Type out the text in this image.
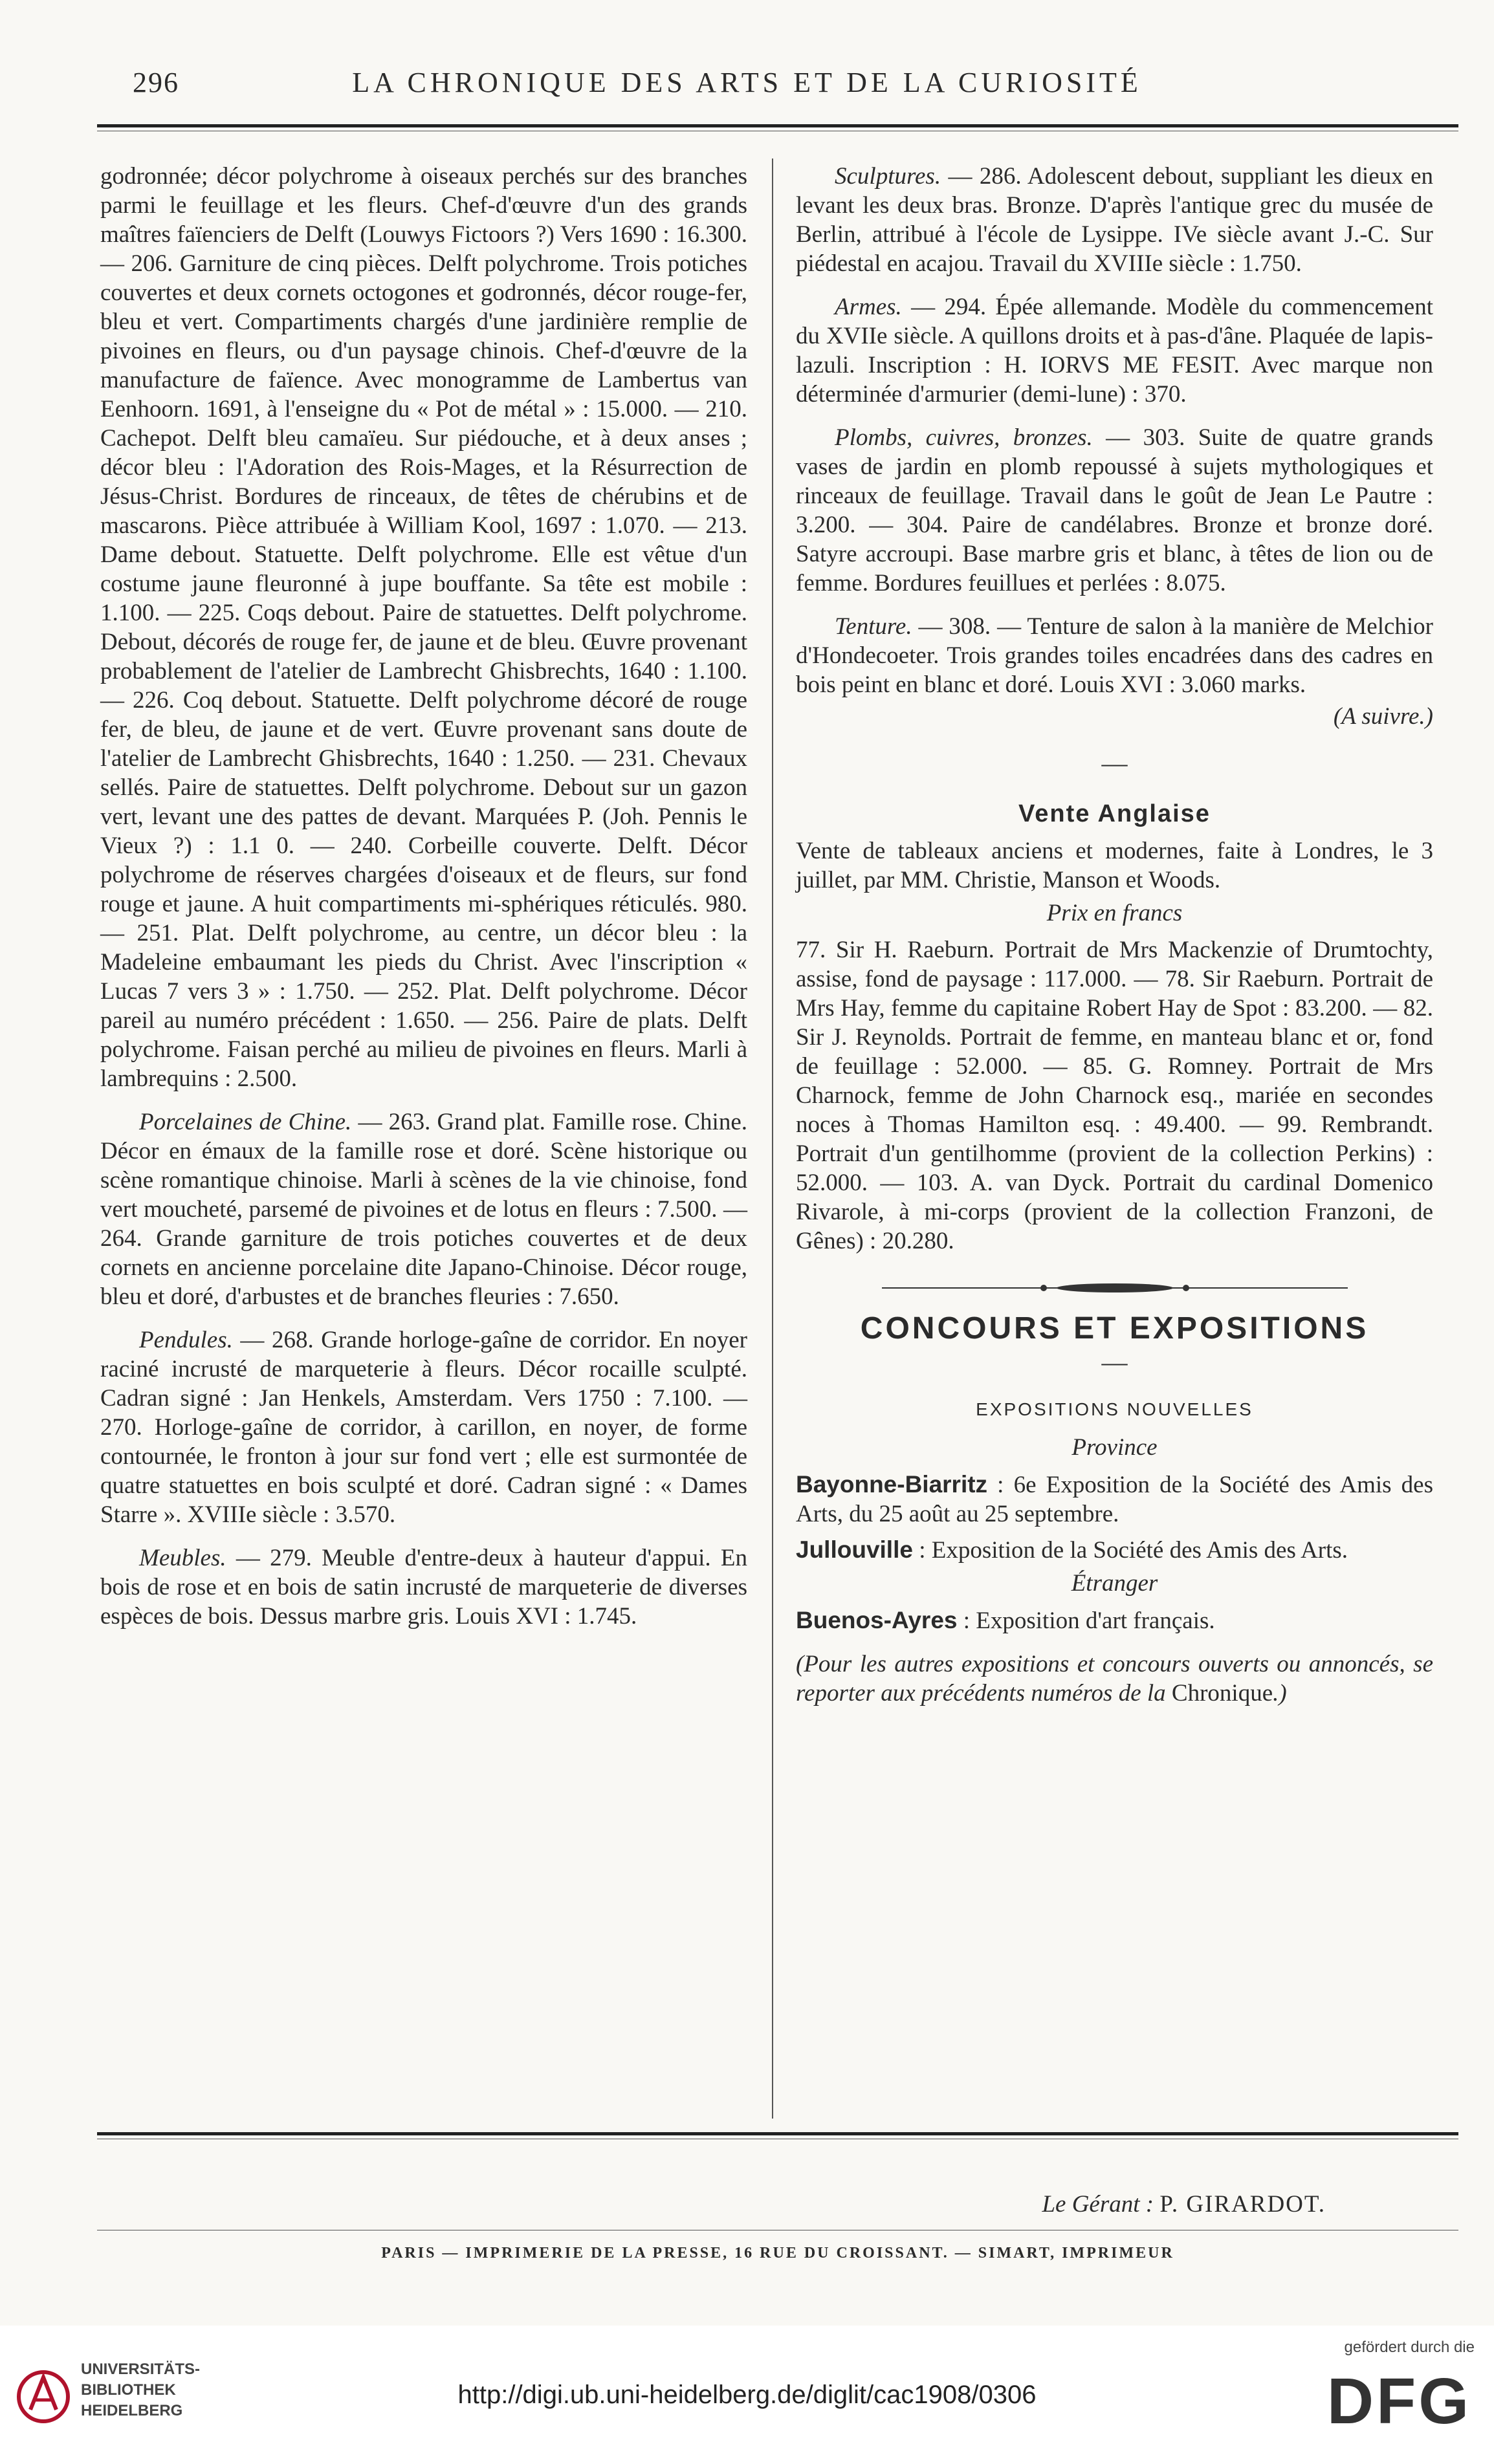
296	LA CHRONIQUE DES ARTS ET DE LA CURIOSITÉ

godronnée; décor polychrome à oiseaux perchés sur des branches parmi le feuillage et les fleurs. Chef-d'œuvre d'un des grands maîtres faïenciers de Delft (Louwys Fictoors ?) Vers 1690 : 16.300. — 206. Garniture de cinq pièces. Delft polychrome. Trois potiches couvertes et deux cornets octogones et godronnés, décor rouge-fer, bleu et vert. Compartiments chargés d'une jardinière remplie de pivoines en fleurs, ou d'un paysage chinois. Chef-d'œuvre de la manufacture de faïence. Avec monogramme de Lambertus van Eenhoorn. 1691, à l'enseigne du « Pot de métal » : 15.000. — 210. Cachepot. Delft bleu camaïeu. Sur piédouche, et à deux anses ; décor bleu : l'Adoration des Rois-Mages, et la Résurrection de Jésus-Christ. Bordures de rinceaux, de têtes de chérubins et de mascarons. Pièce attribuée à William Kool, 1697 : 1.070. — 213. Dame debout. Statuette. Delft polychrome. Elle est vêtue d'un costume jaune fleuronné à jupe bouffante. Sa tête est mobile : 1.100. — 225. Coqs debout. Paire de statuettes. Delft polychrome. Debout, décorés de rouge fer, de jaune et de bleu. Œuvre provenant probablement de l'atelier de Lambrecht Ghisbrechts, 1640 : 1.100. — 226. Coq debout. Statuette. Delft polychrome décoré de rouge fer, de bleu, de jaune et de vert. Œuvre provenant sans doute de l'atelier de Lambrecht Ghisbrechts, 1640 : 1.250. — 231. Chevaux sellés. Paire de statuettes. Delft polychrome. Debout sur un gazon vert, levant une des pattes de devant. Marquées P. (Joh. Pennis le Vieux ?) : 1.1 0. — 240. Corbeille couverte. Delft. Décor polychrome de réserves chargées d'oiseaux et de fleurs, sur fond rouge et jaune. A huit compartiments mi-sphériques réticulés. 980. — 251. Plat. Delft polychrome, au centre, un décor bleu : la Madeleine embaumant les pieds du Christ. Avec l'inscription « Lucas 7 vers 3 » : 1.750. — 252. Plat. Delft polychrome. Décor pareil au numéro précédent : 1.650. — 256. Paire de plats. Delft polychrome. Faisan perché au milieu de pivoines en fleurs. Marli à lambrequins : 2.500.

Porcelaines de Chine. — 263. Grand plat. Famille rose. Chine. Décor en émaux de la famille rose et doré. Scène historique ou scène romantique chinoise. Marli à scènes de la vie chinoise, fond vert moucheté, parsemé de pivoines et de lotus en fleurs : 7.500. — 264. Grande garniture de trois potiches couvertes et de deux cornets en ancienne porcelaine dite Japano-Chinoise. Décor rouge, bleu et doré, d'arbustes et de branches fleuries : 7.650.

Pendules. — 268. Grande horloge-gaîne de corridor. En noyer raciné incrusté de marqueterie à fleurs. Décor rocaille sculpté. Cadran signé : Jan Henkels, Amsterdam. Vers 1750 : 7.100. — 270. Horloge-gaîne de corridor, à carillon, en noyer, de forme contournée, le fronton à jour sur fond vert ; elle est surmontée de quatre statuettes en bois sculpté et doré. Cadran signé : « Dames Starre ». XVIIIe siècle : 3.570.

Meubles. — 279. Meuble d'entre-deux à hauteur d'appui. En bois de rose et en bois de satin incrusté de marqueterie de diverses espèces de bois. Dessus marbre gris. Louis XVI : 1.745.

Sculptures. — 286. Adolescent debout, suppliant les dieux en levant les deux bras. Bronze. D'après l'antique grec du musée de Berlin, attribué à l'école de Lysippe. IVe siècle avant J.-C. Sur piédestal en acajou. Travail du XVIIIe siècle : 1.750.

Armes. — 294. Épée allemande. Modèle du commencement du XVIIe siècle. A quillons droits et à pas-d'âne. Plaquée de lapis-lazuli. Inscription : H. IORVS ME FESIT. Avec marque non déterminée d'armurier (demi-lune) : 370.

Plombs, cuivres, bronzes. — 303. Suite de quatre grands vases de jardin en plomb repoussé à sujets mythologiques et rinceaux de feuillage. Travail dans le goût de Jean Le Pautre : 3.200. — 304. Paire de candélabres. Bronze et bronze doré. Satyre accroupi. Base marbre gris et blanc, à têtes de lion ou de femme. Bordures feuillues et perlées : 8.075.

Tenture. — 308. — Tenture de salon à la manière de Melchior d'Hondecoeter. Trois grandes toiles encadrées dans des cadres en bois peint en blanc et doré. Louis XVI : 3.060 marks.

(A suivre.)

—
Vente Anglaise

Vente de tableaux anciens et modernes, faite à Londres, le 3 juillet, par MM. Christie, Manson et Woods.

Prix en francs

77. Sir H. Raeburn. Portrait de Mrs Mackenzie of Drumtochty, assise, fond de paysage : 117.000. — 78. Sir Raeburn. Portrait de Mrs Hay, femme du capitaine Robert Hay de Spot : 83.200. — 82. Sir J. Reynolds. Portrait de femme, en manteau blanc et or, fond de feuillage : 52.000. — 85. G. Romney. Portrait de Mrs Charnock, femme de John Charnock esq., mariée en secondes noces à Thomas Hamilton esq. : 49.400. — 99. Rembrandt. Portrait d'un gentilhomme (provient de la collection Perkins) : 52.000. — 103. A. van Dyck. Portrait du cardinal Domenico Rivarole, à mi-corps (provient de la collection Franzoni, de Gênes) : 20.280.

CONCOURS ET EXPOSITIONS
—
EXPOSITIONS NOUVELLES
Province

Bayonne-Biarritz : 6e Exposition de la Société des Amis des Arts, du 25 août au 25 septembre.

Jullouville : Exposition de la Société des Amis des Arts.

Étranger

Buenos-Ayres : Exposition d'art français.

(Pour les autres expositions et concours ouverts ou annoncés, se reporter aux précédents numéros de la Chronique.)

Le Gérant : P. GIRARDOT.
PARIS — IMPRIMERIE DE LA PRESSE, 16 RUE DU CROISSANT. — SIMART, IMPRIMEUR
UNIVERSITÄTS-
BIBLIOTHEK
HEIDELBERG
http://digi.ub.uni-heidelberg.de/diglit/cac1908/0306
gefördert durch die
DFG
